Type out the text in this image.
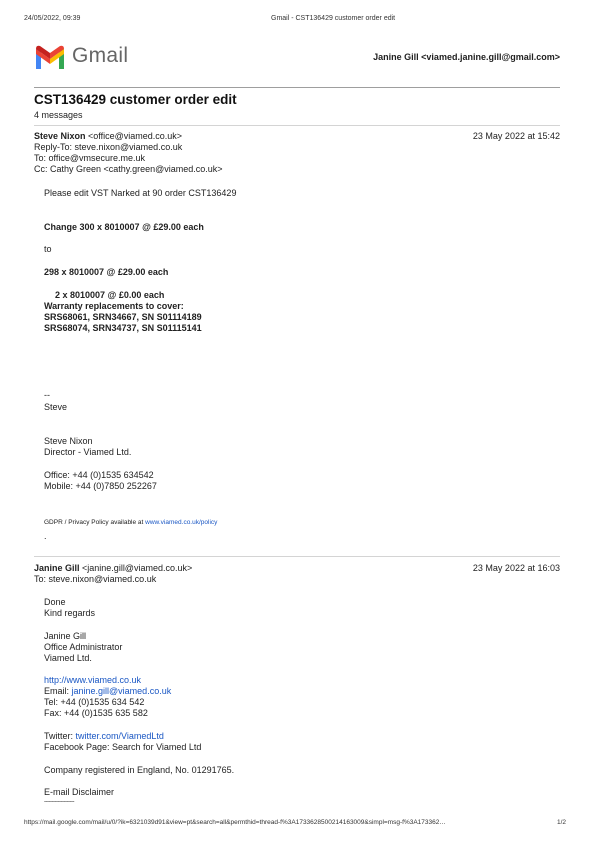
24/05/2022, 09:39	Gmail - CST136429 customer order edit
Gmail	Janine Gill <viamed.janine.gill@gmail.com>
CST136429 customer order edit
4 messages
Steve Nixon <office@viamed.co.uk>	23 May 2022 at 15:42
Reply-To: steve.nixon@viamed.co.uk
To: office@vmsecure.me.uk
Cc: Cathy Green <cathy.green@viamed.co.uk>
Please edit VST Narked at 90 order CST136429
Change 300 x 8010007 @ £29.00 each
to
298 x 8010007 @ £29.00 each
2 x 8010007 @ £0.00 each
Warranty replacements to cover:
SRS68061, SRN34667, SN S01114189
SRS68074, SRN34737, SN S01115141
--
Steve
Steve Nixon
Director - Viamed Ltd.
Office: +44 (0)1535 634542
Mobile: +44 (0)7850 252267
GDPR / Privacy Policy available at www.viamed.co.uk/policy
.
Janine Gill <janine.gill@viamed.co.uk>	23 May 2022 at 16:03
To: steve.nixon@viamed.co.uk
Done
Kind regards
Janine Gill
Office Administrator
Viamed Ltd.
http://www.viamed.co.uk
Email: janine.gill@viamed.co.uk
Tel: +44 (0)1535 634 542
Fax: +44 (0)1535 635 582
Twitter: twitter.com/ViamedLtd
Facebook Page: Search for Viamed Ltd
Company registered in England, No. 01291765.
E-mail Disclaimer
--------------------
https://mail.google.com/mail/u/0/?ik=6321039d91&view=pt&search=all&permthid=thread-f%3A1733628500214163009&simpl=msg-f%3A173362…	1/2
